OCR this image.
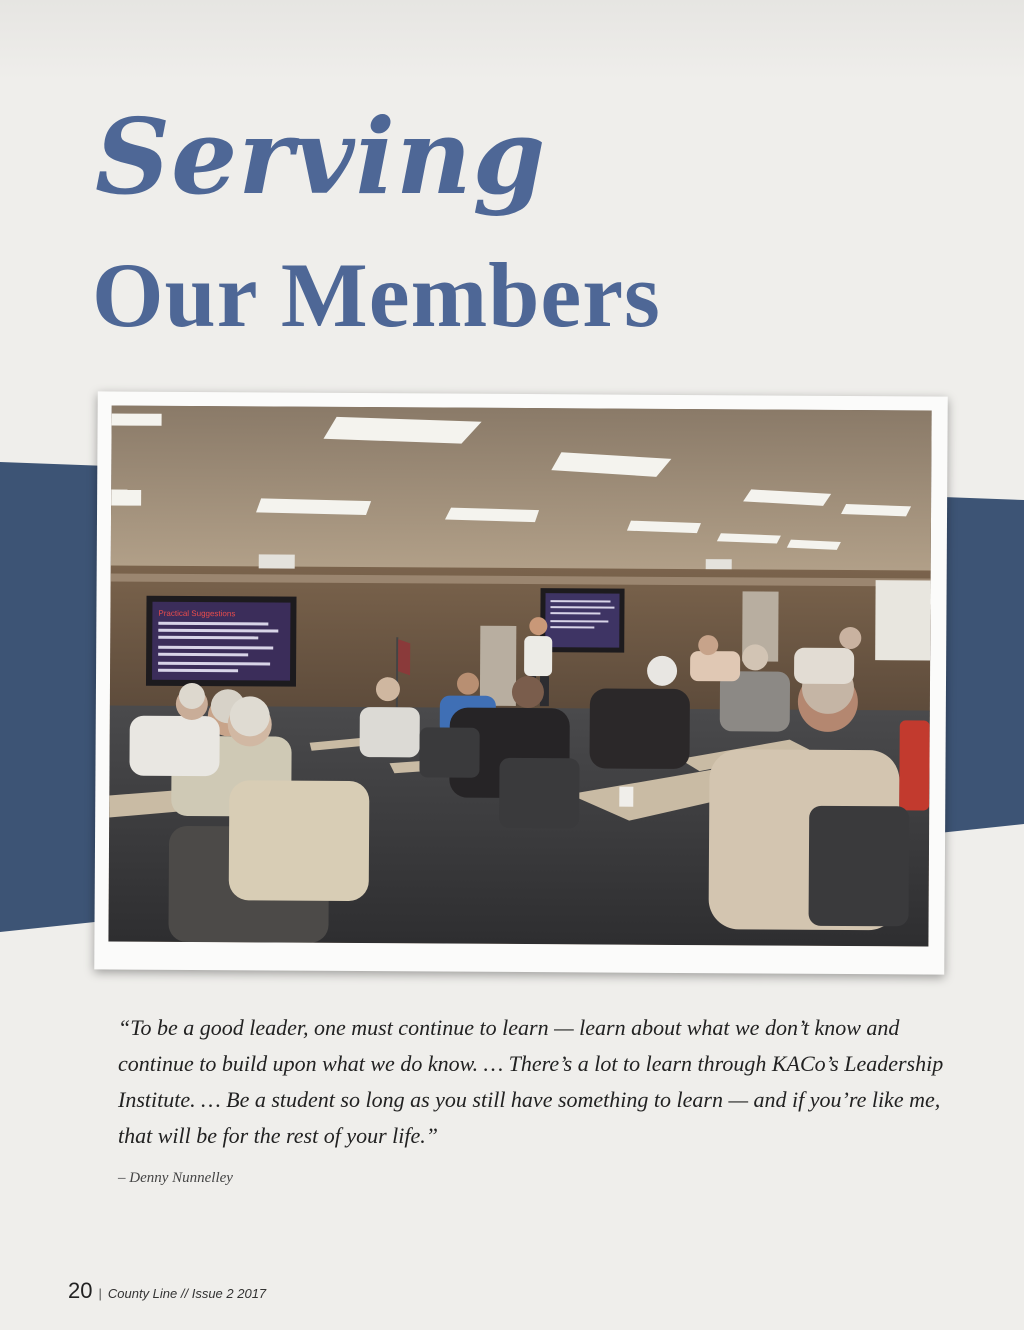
Serving
Our Members
Practical Suggestions

“To be a good leader, one must continue to learn — learn about what we don’t know and continue to build upon what we do know. … There’s a lot to learn through KACo’s Leadership Institute. … Be a student so long as you still have something to learn — and if you’re like me, that will be for the rest of your life.”

– Denny Nunnelley
20 | County Line // Issue 2 2017
